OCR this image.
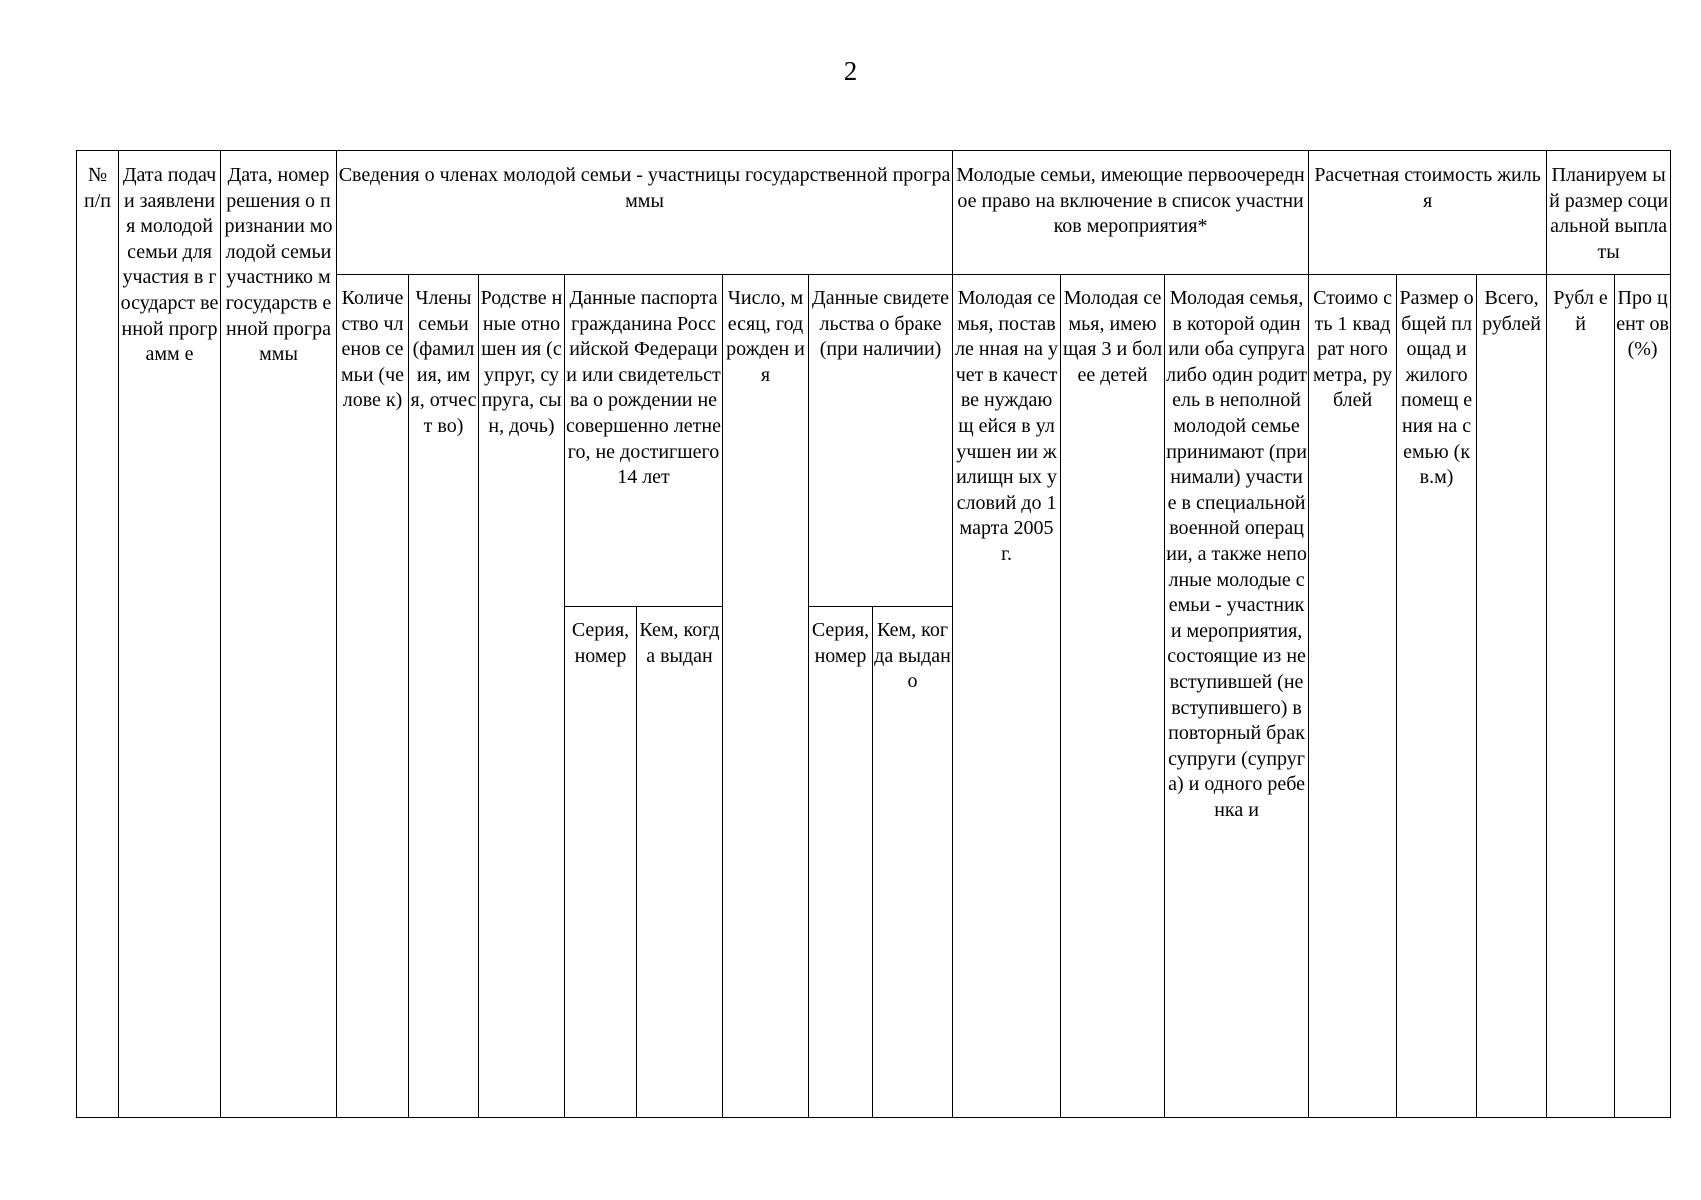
2
№ п/п	Дата подачи заявления молодой семьи для участия в государст венной программ е	Дата, номер решения о признании молодой семьи участнико м государств енной программы	Сведения о членах молодой семьи - участницы государственной программы								Молодые семьи, имеющие первоочередное право на включение в список участников мероприятия*			Расчетная стоимость жилья			Планируем ый размер социальной выплаты	

			Количе ство членов семьи (челове к)	Члены семьи (фамил ия, имя, отчест во)	Родстве нные отношен ия (супруг, супруга, сын, дочь)	Данные паспорта гражданина Российской Федерации или свидетельства о рождении несовершенно летнего, не достигшего 14 лет		Число, месяц, год рожден ия	Данные свидетельства о браке (при наличии)		Молодая семья, поставле нная на учет в качестве нуждающ ейся в улучшен ии жилищн ых условий до 1 марта 2005 г.	Молодая семья, имеющая 3 и более детей	Молодая семья, в которой один или оба супруга либо один родитель в неполной молодой семье принимают (принимали) участие в специальной военной операции, а также неполные молодые семьи - участники мероприятия, состоящие из не вступившей (не вступившего) в повторный брак супруги (супруга) и одного ребенка и	Стоимо сть 1 квадрат ного метра, рублей	Размер общей площад и жилого помещ ения на семью (кв.м)	Всего, рублей	Рубл ей	Про цент ов (%)

						Серия, номер	Кем, когда выдан		Серия, номер	Кем, когда выдано								
